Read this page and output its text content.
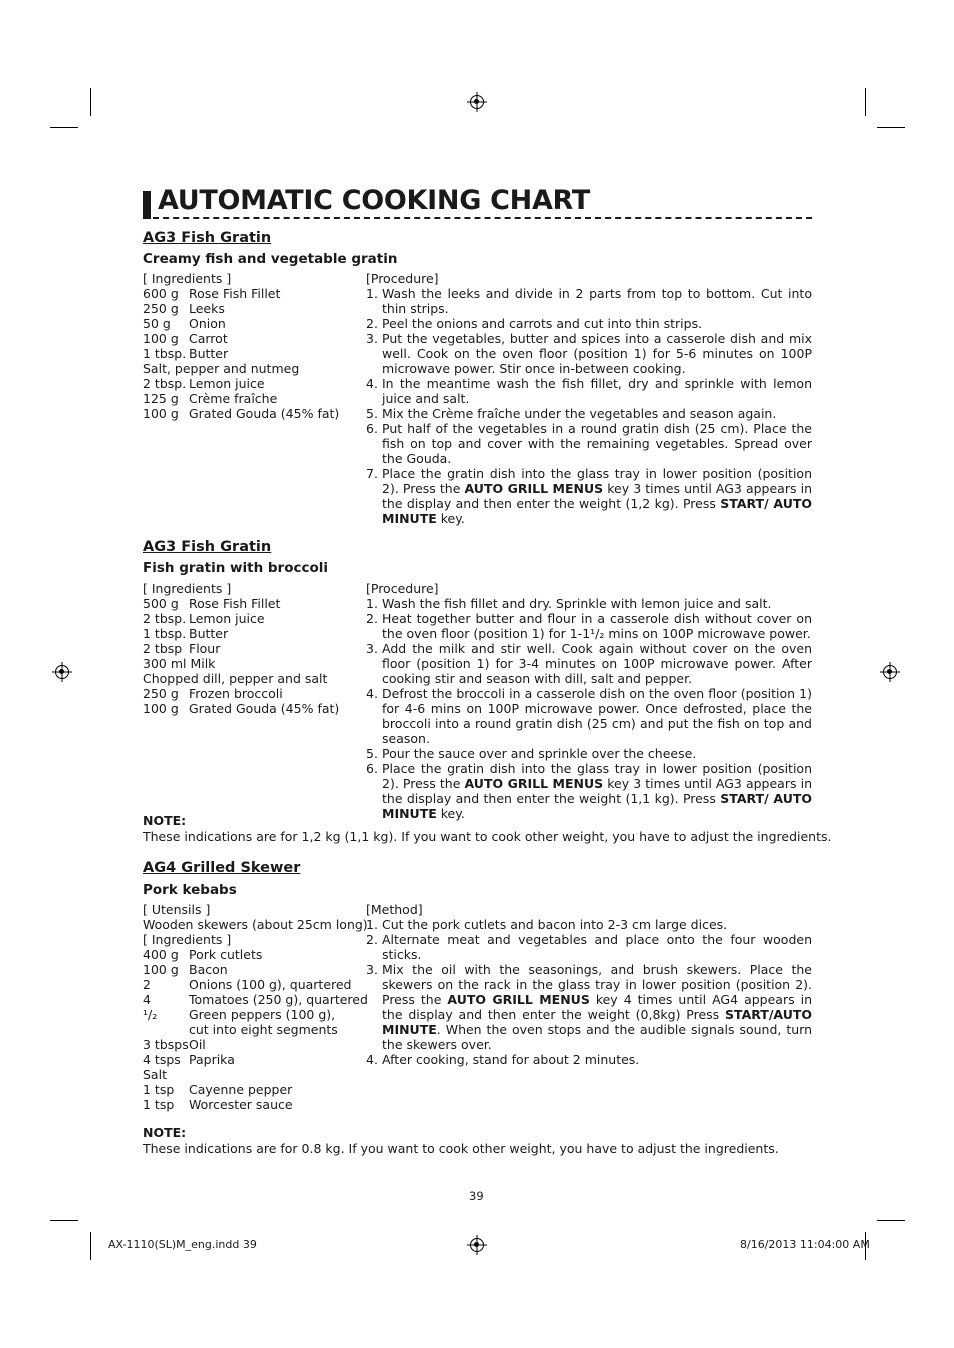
AUTOMATIC COOKING CHART
AG3 Fish Gratin
Creamy fish and vegetable gratin
[ Ingredients ]
600 g Rose Fish Fillet
250 g Leeks
50 g	Onion
100 g Carrot
1 tbsp. Butter
Salt, pepper and nutmeg
2 tbsp. Lemon juice
125 g Crème fraîche
100 g Grated Gouda (45% fat)
[Procedure]
1. Wash the leeks and divide in 2 parts from top to bottom. Cut into thin strips.
2. Peel the onions and carrots and cut into thin strips.
3. Put the vegetables, butter and spices into a casserole dish and mix well. Cook on the oven floor (position 1) for 5-6 minutes on 100P microwave power. Stir once in-between cooking.
4. In the meantime wash the fish fillet, dry and sprinkle with lemon juice and salt.
5. Mix the Crème fraîche under the vegetables and season again.
6. Put half of the vegetables in a round gratin dish (25 cm). Place the fish on top and cover with the remaining vegetables. Spread over the Gouda.
7. Place the gratin dish into the glass tray in lower position (position 2). Press the AUTO GRILL MENUS key 3 times until AG3 appears in the display and then enter the weight (1,2 kg). Press START/ AUTO MINUTE key.
AG3 Fish Gratin
Fish gratin with broccoli
[ Ingredients ]
500 g Rose Fish Fillet
2 tbsp. Lemon juice
1 tbsp. Butter
2 tbsp Flour
300 ml Milk
Chopped dill, pepper and salt
250 g Frozen broccoli
100 g Grated Gouda (45% fat)
[Procedure]
1. Wash the fish fillet and dry. Sprinkle with lemon juice and salt.
2. Heat together butter and flour in a casserole dish without cover on the oven floor (position 1) for 1-1¹/₂ mins on 100P microwave power.
3. Add the milk and stir well. Cook again without cover on the oven floor (position 1) for 3-4 minutes on 100P microwave power. After cooking stir and season with dill, salt and pepper.
4. Defrost the broccoli in a casserole dish on the oven floor (position 1) for 4-6 mins on 100P microwave power. Once defrosted, place the broccoli into a round gratin dish (25 cm) and put the fish on top and season.
5. Pour the sauce over and sprinkle over the cheese.
6. Place the gratin dish into the glass tray in lower position (position 2). Press the AUTO GRILL MENUS key 3 times until AG3 appears in the display and then enter the weight (1,1 kg). Press START/ AUTO MINUTE key.
NOTE:
These indications are for 1,2 kg (1,1 kg). If you want to cook other weight, you have to adjust the ingredients.
AG4 Grilled Skewer
Pork kebabs
[ Utensils ]
Wooden skewers (about 25cm long)
[ Ingredients ]
400 g Pork cutlets
100 g Bacon
2	Onions (100 g), quartered
4	Tomatoes (250 g), quartered
¹/₂	Green peppers (100 g),
cut into eight segments
3 tbsps Oil
4 tsps Paprika
Salt
1 tsp	Cayenne pepper
1 tsp	Worcester sauce
[Method]
1. Cut the pork cutlets and bacon into 2-3 cm large dices.
2. Alternate meat and vegetables and place onto the four wooden sticks.
3. Mix the oil with the seasonings, and brush skewers. Place the skewers on the rack in the glass tray in lower position (position 2). Press the AUTO GRILL MENUS key 4 times until AG4 appears in the display and then enter the weight (0,8kg) Press START/AUTO MINUTE. When the oven stops and the audible signals sound, turn the skewers over.
4. After cooking, stand for about 2 minutes.
NOTE:
These indications are for 0.8 kg. If you want to cook other weight, you have to adjust the ingredients.
39
AX-1110(SL)M_eng.indd 39	8/16/2013 11:04:00 AM
